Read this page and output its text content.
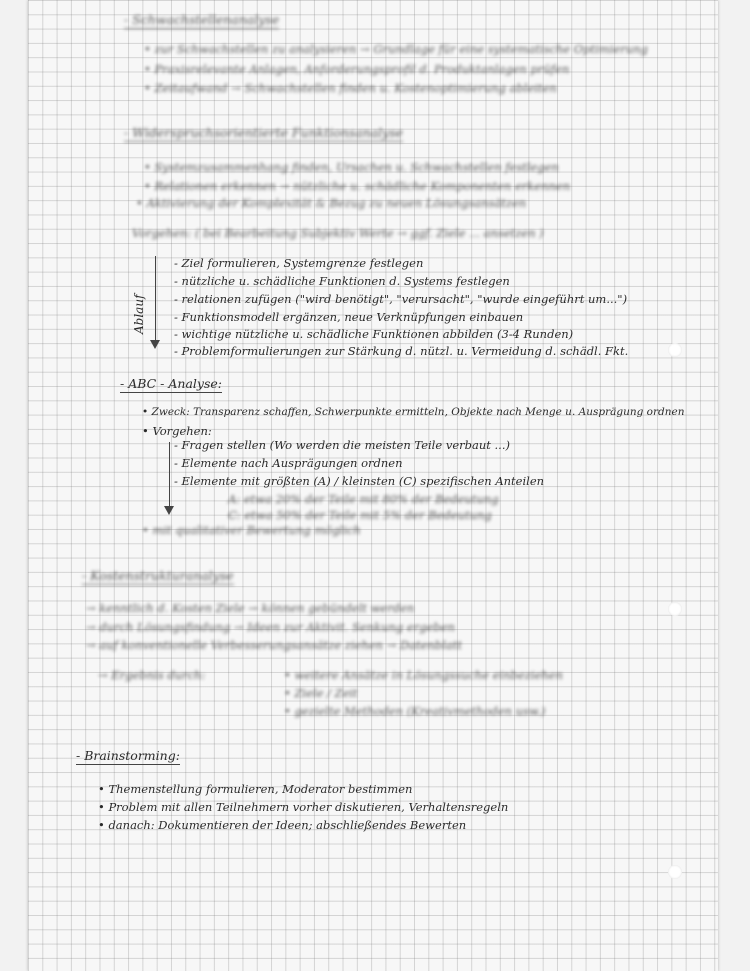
- Schwachstellenanalyse
• zur Schwachstellen zu analysieren → Grundlage für eine systematische Optimierung
• Praxisrelevante Anlagen, Anforderungsprofil d. Produktanlagen prüfen
• Zeitaufwand → Schwachstellen finden u. Kostenoptimierung ableiten
- Widerspruchsorientierte Funktionsanalyse
• Systemzusammenhang finden, Ursachen u. Schwachstellen festlegen
• Relationen erkennen → nützliche u. schädliche Komponenten erkennen
• Aktivierung der Komplexität & Bezug zu neuen Lösungsansätzen
Vorgehen: ( bei Bearbeitung Subjektiv Werte → ggf. Ziele ... ansetzen )
Ablauf
- Ziel formulieren, Systemgrenze festlegen
- nützliche u. schädliche Funktionen d. Systems festlegen
- relationen zufügen ("wird benötigt", "verursacht", "wurde eingeführt um...")
- Funktionsmodell ergänzen, neue Verknüpfungen einbauen
- wichtige nützliche u. schädliche Funktionen abbilden (3-4 Runden)
- Problemformulierungen zur Stärkung d. nützl. u. Vermeidung d. schädl. Fkt.
- ABC - Analyse:
• Zweck: Transparenz schaffen, Schwerpunkte ermitteln, Objekte nach Menge u. Ausprägung ordnen
• Vorgehen:
- Fragen stellen (Wo werden die meisten Teile verbaut ...)
- Elemente nach Ausprägungen ordnen
- Elemente mit größten (A) / kleinsten (C) spezifischen Anteilen
A: etwa 20% der Teile mit 80% der Bedeutung
C: etwa 50% der Teile mit 5% der Bedeutung
• mit qualitativer Bewertung möglich
- Kostenstrukturanalyse
→ kenntlich d. Kosten Ziele → können gebündelt werden
→ durch Lösungsfindung → Ideen zur Aktivit. Senkung ergeben
→ auf konventionelle Verbesserungsansätze ziehen → Datenblatt
→ Ergebnis durch:	• weitere Ansätze in Lösungssuche einbeziehen
• Ziele / Zeit
• gezielte Methoden (Kreativmethoden usw.)
- Brainstorming:
• Themenstellung formulieren, Moderator bestimmen
• Problem mit allen Teilnehmern vorher diskutieren, Verhaltensregeln
• danach: Dokumentieren der Ideen; abschließendes Bewerten
